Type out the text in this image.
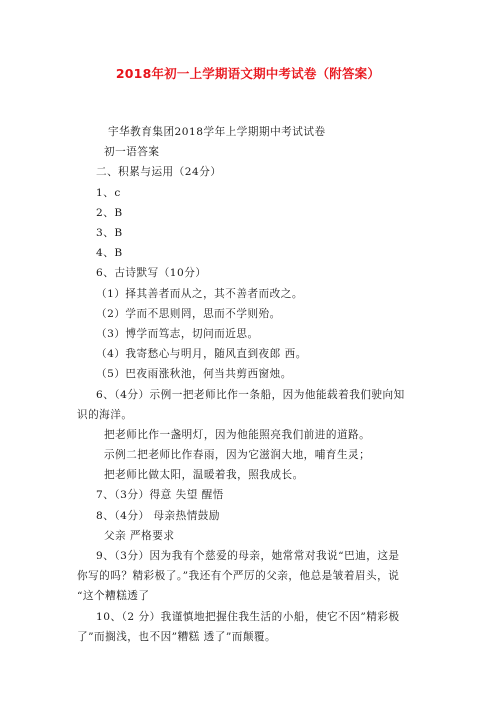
2018年初一上学期语文期中考试卷（附答案）
宇华教育集团2018学年上学期期中考试试卷
初一语答案
二、积累与运用（24分）
1、c
2、B
3、B
4、B
6、古诗默写（10分）
（1）择其善者而从之，其不善者而改之。
（2）学而不思则罔，思而不学则殆。
（3）博学而笃志，切问而近思。
（4）我寄愁心与明月，随风直到夜郎 西。
（5）巴夜雨涨秋池，何当共剪西窗烛。
6、（4分）示例一把老师比作一条船，因为他能载着我们驶向知
识的海洋。
把老师比作一盏明灯，因为他能照亮我们前进的道路。
示例二把老师比作春雨，因为它滋润大地，哺育生灵；
把老师比做太阳，温暖着我，照我成长。
7、（3分）得意 失望 醒悟
8、（4分） 母亲热情鼓励
父亲 严格要求
9、（3分）因为我有个慈爱的母亲，她常常对我说“巴迪，这是
你写的吗？精彩极了。”我还有个严厉的父亲，他总是皱着眉头，说
“这个糟糕透了
10、（2 分）我谨慎地把握住我生活的小船，使它不因”精彩极
了”而搁浅，也不因”糟糕 透了”而颠覆。
